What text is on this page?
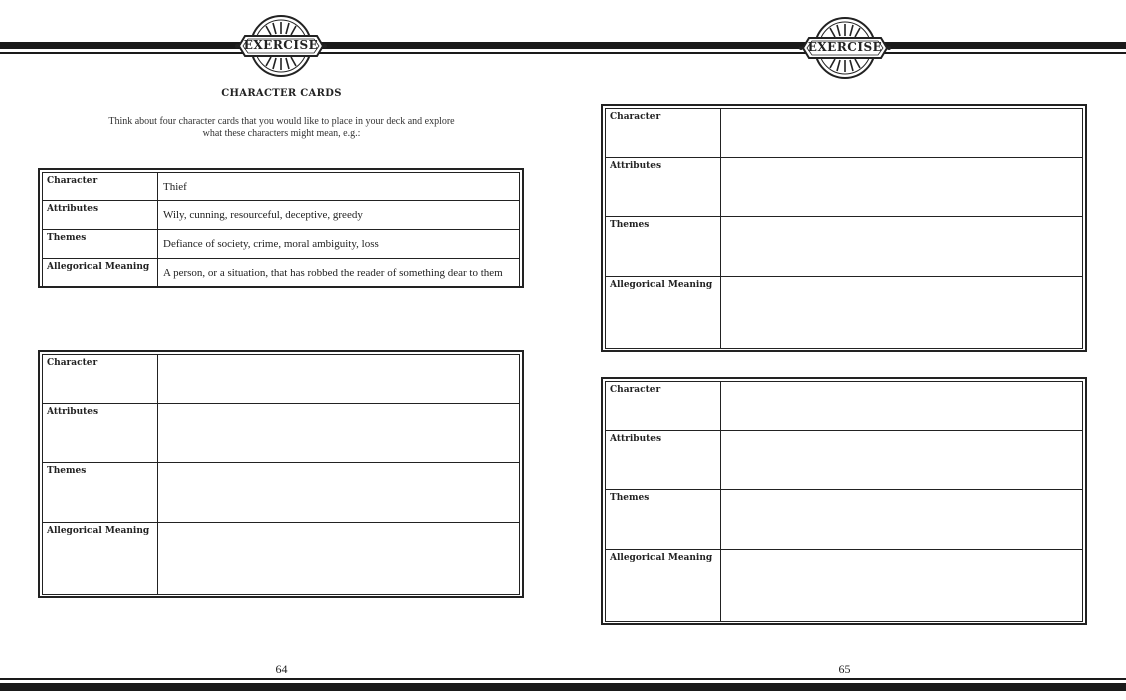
EXERCISE
CHARACTER CARDS
Think about four character cards that you would like to place in your deck and explore
what these characters might mean, e.g.:
Character	Thief
Attributes	Wily, cunning, resourceful, deceptive, greedy
Themes	Defiance of society, crime, moral ambiguity, loss
Allegorical Meaning	A person, or a situation, that has robbed the reader of something dear to them
Character	
Attributes	
Themes	
Allegorical Meaning	
64
EXERCISE
Character	
Attributes	
Themes	
Allegorical Meaning	
Character	
Attributes	
Themes	
Allegorical Meaning	
65
